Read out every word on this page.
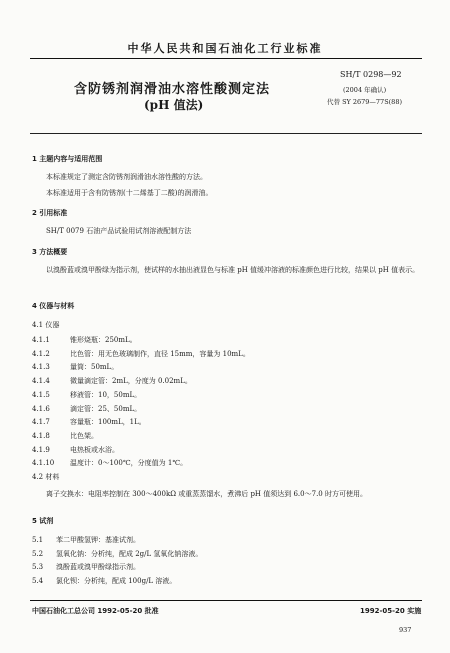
中华人民共和国石油化工行业标准
含防锈剂润滑油水溶性酸测定法
(pH 值法)
SH/T 0298—92
(2004 年确认)
代替 SY 2679—77S(88)
1 主题内容与适用范围
本标准规定了测定含防锈剂润滑油水溶性酸的方法。
本标准适用于含有防锈剂(十二烯基丁二酸)的润滑油。
2 引用标准
SH/T 0079 石油产品试验用试剂溶液配制方法
3 方法概要
以溴酚蓝或溴甲酚绿为指示剂，使试样的水抽出液显色与标准 pH 值缓冲溶液的标准颜色进行比较，结果以 pH 值表示。
4 仪器与材料
4.1 仪器
4.1.1	锥形烧瓶：250mL。
4.1.2	比色管：用无色玻璃制作，直径 15mm，容量为 10mL。
4.1.3	量筒：50mL。
4.1.4	微量滴定管：2mL，分度为 0.02mL。
4.1.5	移液管：10，50mL。
4.1.6	滴定管：25、50mL。
4.1.7	容量瓶：100mL，1L。
4.1.8	比色架。
4.1.9	电热板或水浴。
4.1.10 温度计：0～100℃，分度值为 1℃。
4.2 材料
离子交换水：电阻率控制在 300～400kΩ 或重蒸蒸馏水，煮沸后 pH 值须达到 6.0～7.0 时方可使用。
5 试剂
5.1 苯二甲酸氢钾：基准试剂。
5.2 氢氧化钠：分析纯，配成 2g/L 氢氧化钠溶液。
5.3 溴酚蓝或溴甲酚绿指示剂。
5.4 氯化钡：分析纯，配成 100g/L 溶液。
中国石油化工总公司 1992-05-20 批准	1992-05-20 实施
937
